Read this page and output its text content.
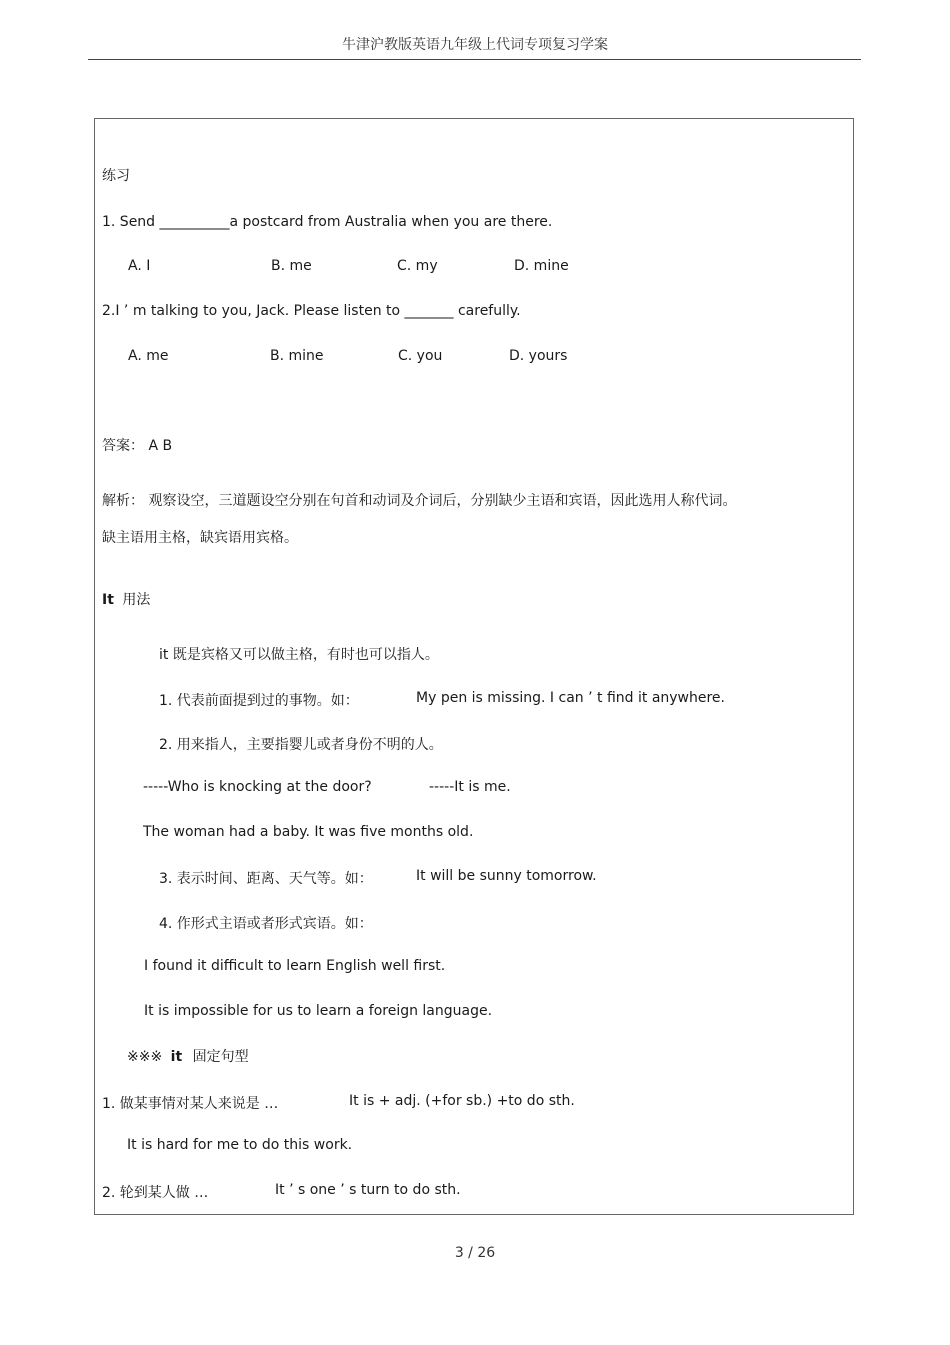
牛津沪教版英语九年级上代词专项复习学案
练习
1. Send __________a postcard from Australia when you are there.
A. I	B. me	C. my	D. mine
2.I ’ m talking to you, Jack. Please listen to _______ carefully.
A. me	B. mine	C. you	D. yours
答案： A B
解析： 观察设空，三道题设空分别在句首和动词及介词后，分别缺少主语和宾语，因此选用人称代词。
缺主语用主格，缺宾语用宾格。
It 用法
it 既是宾格又可以做主格，有时也可以指人。
1. 代表前面提到过的事物。如：	My pen is missing. I can ’ t find it anywhere.
2. 用来指人，主要指婴儿或者身份不明的人。
-----Who is knocking at the door?	-----It is me.
The woman had a baby. It was five months old.
3. 表示时间、距离、天气等。如：	It will be sunny tomorrow.
4. 作形式主语或者形式宾语。如：
I found it difficult to learn English well first.
It is impossible for us to learn a foreign language.
※※※ it 固定句型
1. 做某事情对某人来说是 …	It is + adj. (+for sb.) +to do sth.
It is hard for me to do this work.
2. 轮到某人做 …	It ’ s one ’ s turn to do sth.
3 / 26
